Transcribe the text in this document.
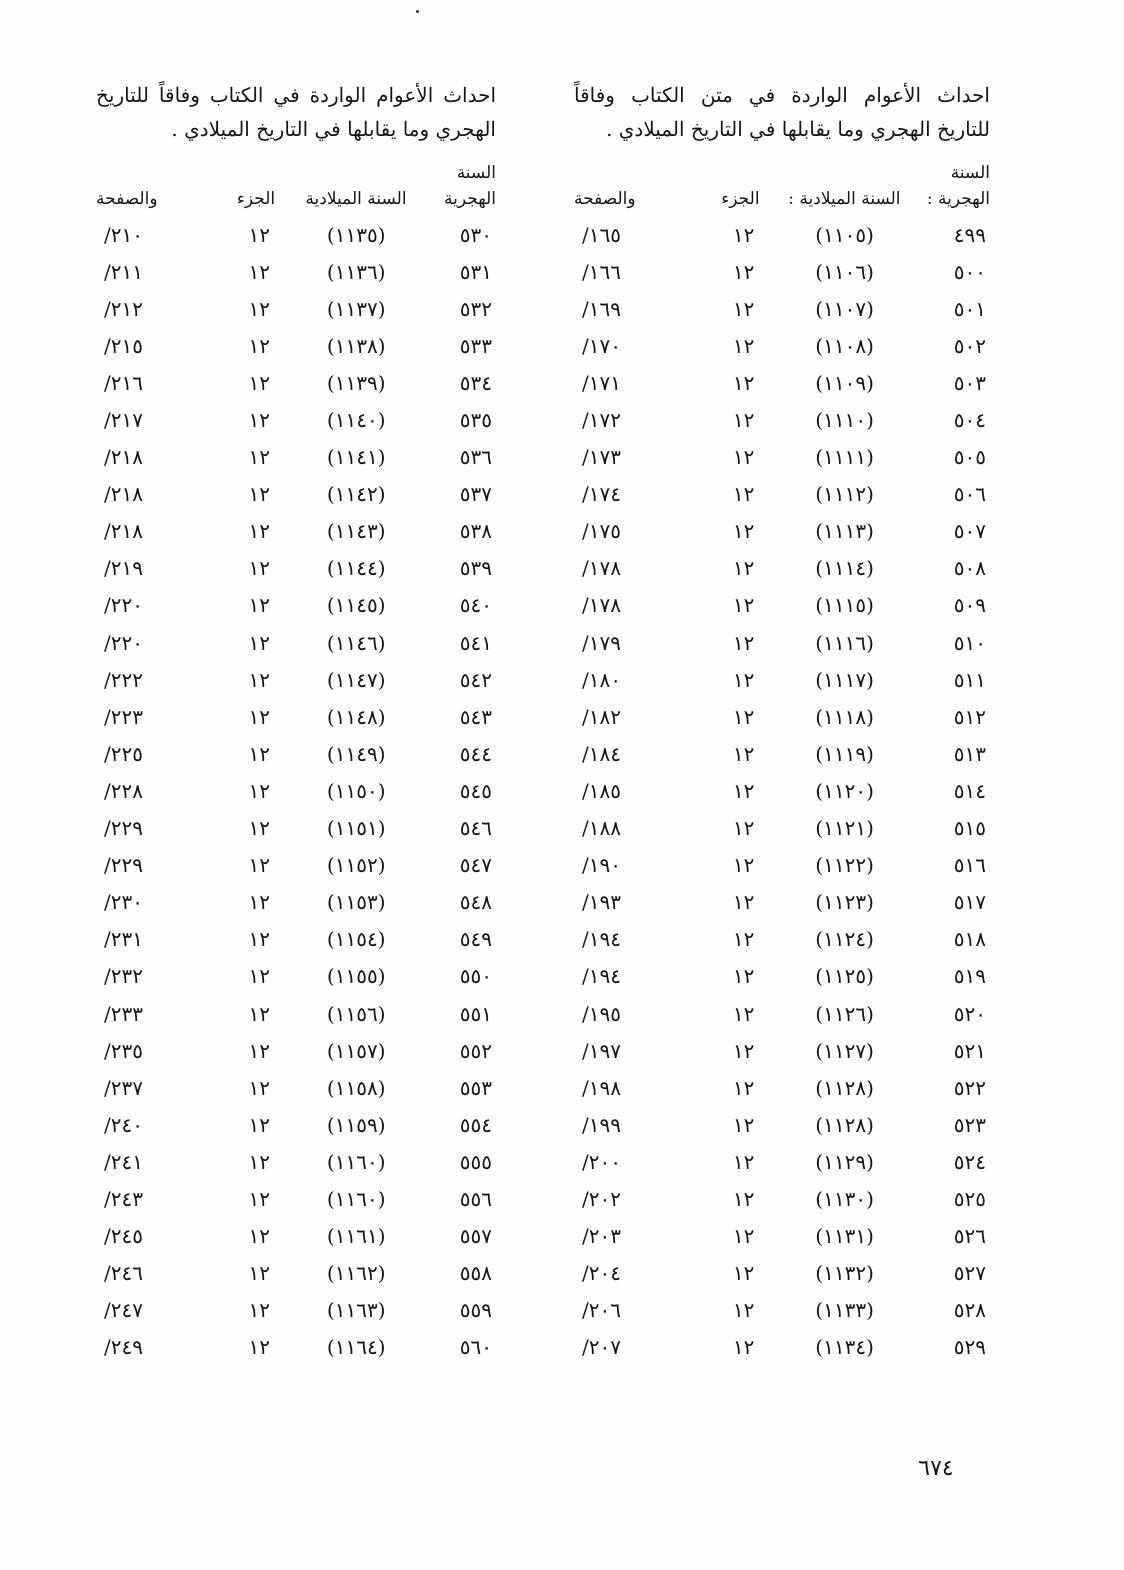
احداث الأعوام الواردة في متن الكتاب وفاقاً للتاريخ الهجري وما يقابلها في التاريخ الميلادي .

السنة الهجرية :
السنة الميلادية :
الجزء
والصفحة
٤٩٩
(١١٠٥)
١٢
١٦٥/
٥٠٠
(١١٠٦)
١٢
١٦٦/
٥٠١
(١١٠٧)
١٢
١٦٩/
٥٠٢
(١١٠٨)
١٢
١٧٠/
٥٠٣
(١١٠٩)
١٢
١٧١/
٥٠٤
(١١١٠)
١٢
١٧٢/
٥٠٥
(١١١١)
١٢
١٧٣/
٥٠٦
(١١١٢)
١٢
١٧٤/
٥٠٧
(١١١٣)
١٢
١٧٥/
٥٠٨
(١١١٤)
١٢
١٧٨/
٥٠٩
(١١١٥)
١٢
١٧٨/
٥١٠
(١١١٦)
١٢
١٧٩/
٥١١
(١١١٧)
١٢
١٨٠/
٥١٢
(١١١٨)
١٢
١٨٢/
٥١٣
(١١١٩)
١٢
١٨٤/
٥١٤
(١١٢٠)
١٢
١٨٥/
٥١٥
(١١٢١)
١٢
١٨٨/
٥١٦
(١١٢٢)
١٢
١٩٠/
٥١٧
(١١٢٣)
١٢
١٩٣/
٥١٨
(١١٢٤)
١٢
١٩٤/
٥١٩
(١١٢٥)
١٢
١٩٤/
٥٢٠
(١١٢٦)
١٢
١٩٥/
٥٢١
(١١٢٧)
١٢
١٩٧/
٥٢٢
(١١٢٨)
١٢
١٩٨/
٥٢٣
(١١٢٨)
١٢
١٩٩/
٥٢٤
(١١٢٩)
١٢
٢٠٠/
٥٢٥
(١١٣٠)
١٢
٢٠٢/
٥٢٦
(١١٣١)
١٢
٢٠٣/
٥٢٧
(١١٣٢)
١٢
٢٠٤/
٥٢٨
(١١٣٣)
١٢
٢٠٦/
٥٢٩
(١١٣٤)
١٢
٢٠٧/

احداث الأعوام الواردة في الكتاب وفاقاً للتاريخ الهجري وما يقابلها في التاريخ الميلادي .

السنة الهجرية
السنة الميلادية
الجزء
والصفحة
٥٣٠
(١١٣٥)
١٢
٢١٠/
٥٣١
(١١٣٦)
١٢
٢١١/
٥٣٢
(١١٣٧)
١٢
٢١٢/
٥٣٣
(١١٣٨)
١٢
٢١٥/
٥٣٤
(١١٣٩)
١٢
٢١٦/
٥٣٥
(١١٤٠)
١٢
٢١٧/
٥٣٦
(١١٤١)
١٢
٢١٨/
٥٣٧
(١١٤٢)
١٢
٢١٨/
٥٣٨
(١١٤٣)
١٢
٢١٨/
٥٣٩
(١١٤٤)
١٢
٢١٩/
٥٤٠
(١١٤٥)
١٢
٢٢٠/
٥٤١
(١١٤٦)
١٢
٢٢٠/
٥٤٢
(١١٤٧)
١٢
٢٢٢/
٥٤٣
(١١٤٨)
١٢
٢٢٣/
٥٤٤
(١١٤٩)
١٢
٢٢٥/
٥٤٥
(١١٥٠)
١٢
٢٢٨/
٥٤٦
(١١٥١)
١٢
٢٢٩/
٥٤٧
(١١٥٢)
١٢
٢٢٩/
٥٤٨
(١١٥٣)
١٢
٢٣٠/
٥٤٩
(١١٥٤)
١٢
٢٣١/
٥٥٠
(١١٥٥)
١٢
٢٣٢/
٥٥١
(١١٥٦)
١٢
٢٣٣/
٥٥٢
(١١٥٧)
١٢
٢٣٥/
٥٥٣
(١١٥٨)
١٢
٢٣٧/
٥٥٤
(١١٥٩)
١٢
٢٤٠/
٥٥٥
(١١٦٠)
١٢
٢٤١/
٥٥٦
(١١٦٠)
١٢
٢٤٣/
٥٥٧
(١١٦١)
١٢
٢٤٥/
٥٥٨
(١١٦٢)
١٢
٢٤٦/
٥٥٩
(١١٦٣)
١٢
٢٤٧/
٥٦٠
(١١٦٤)
١٢
٢٤٩/
٦٧٤
